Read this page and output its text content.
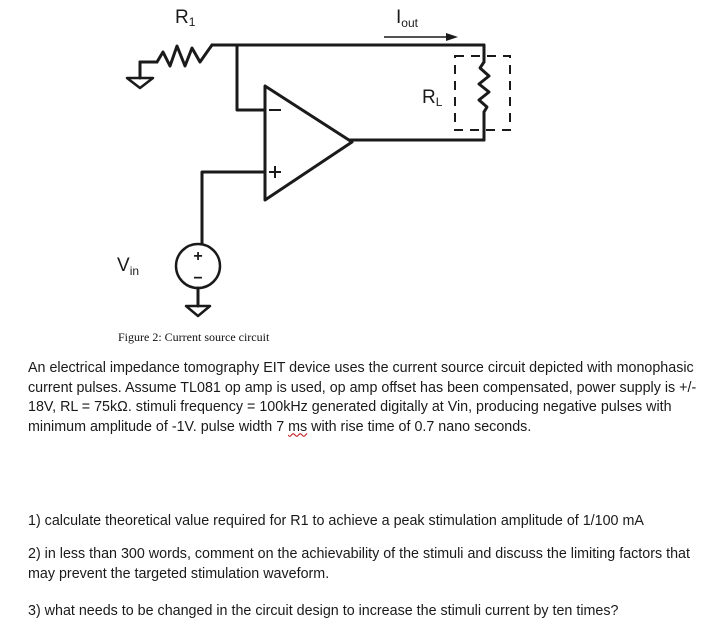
+
−
R1	$I_{out}$
RL
$V_{in}$
Figure 2: Current source circuit

An electrical impedance tomography EIT device uses the current source circuit depicted with monophasic current pulses. Assume TL081 op amp is used, op amp offset has been compensated, power supply is +/- 18V, RL = 75kΩ. stimuli frequency = 100kHz generated digitally at Vin, producing negative pulses with minimum amplitude of -1V. pulse width 7 ms with rise time of 0.7 nano seconds.

1) calculate theoretical value required for R1 to achieve a peak stimulation amplitude of 1/100 mA

2) in less than 300 words, comment on the achievability of the stimuli and discuss the limiting factors that may prevent the targeted stimulation waveform.

3) what needs to be changed in the circuit design to increase the stimuli current by ten times?
